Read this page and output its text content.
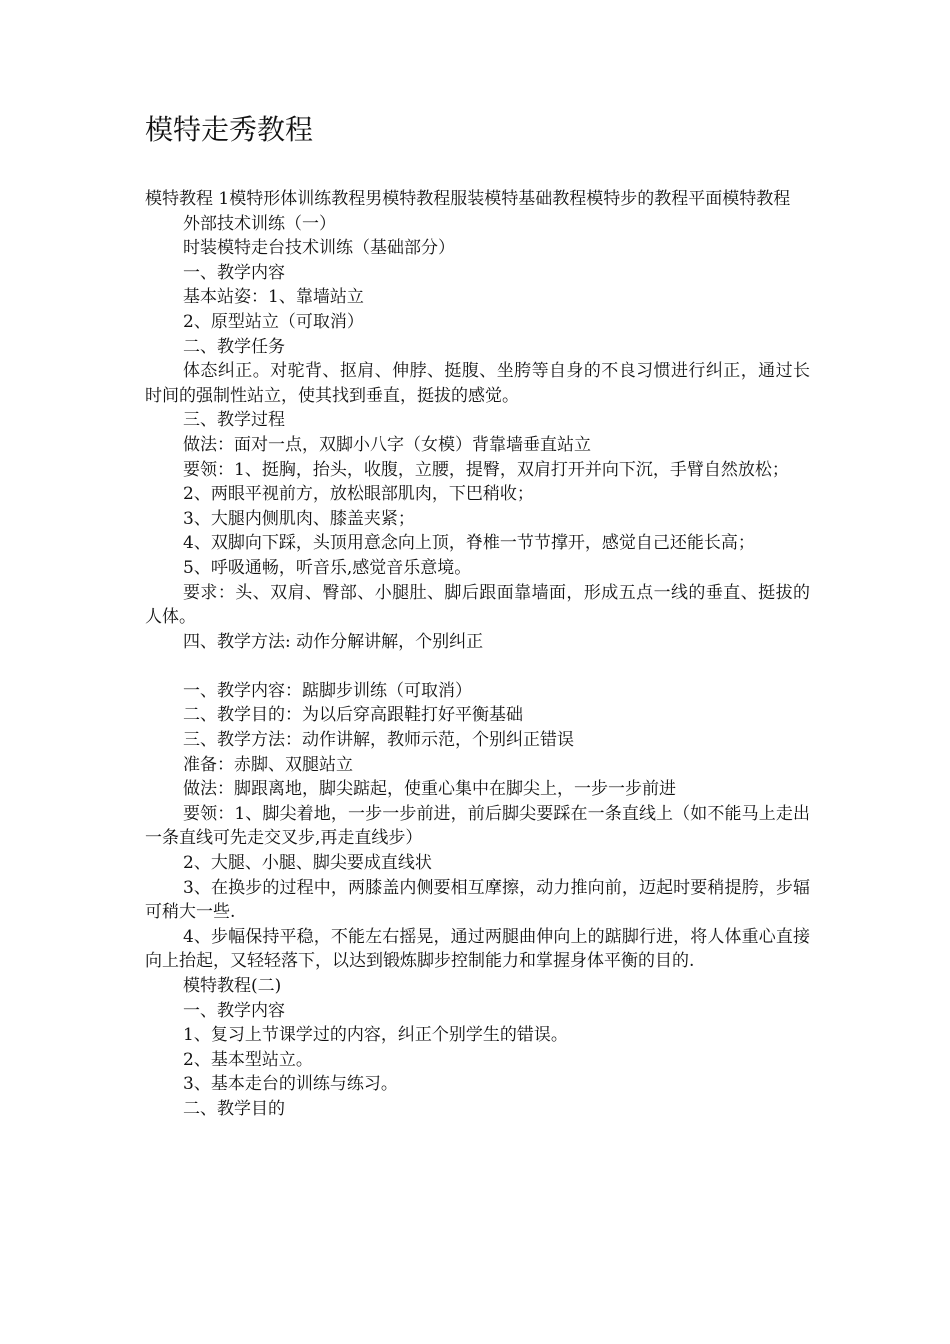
模特走秀教程

模特教程 1模特形体训练教程男模特教程服装模特基础教程模特步的教程平面模特教程

外部技术训练（一）

时装模特走台技术训练（基础部分）

一、教学内容

基本站姿：1、靠墙站立

2、原型站立（可取消）

二、教学任务

体态纠正。对驼背、抠肩、伸脖、挺腹、坐胯等自身的不良习惯进行纠正，通过长时间的强制性站立，使其找到垂直，挺拔的感觉。

三、教学过程

做法：面对一点，双脚小八字（女模）背靠墙垂直站立

要领：1、挺胸，抬头，收腹，立腰，提臀，双肩打开并向下沉，手臂自然放松；

2、两眼平视前方，放松眼部肌肉，下巴稍收；

3、大腿内侧肌肉、膝盖夹紧；

4、双脚向下踩，头顶用意念向上顶，脊椎一节节撑开，感觉自己还能长高；

5、呼吸通畅，听音乐,感觉音乐意境。

要求：头、双肩、臀部、小腿肚、脚后跟面靠墙面，形成五点一线的垂直、挺拔的人体。

四、教学方法: 动作分解讲解，个别纠正

一、教学内容：踮脚步训练（可取消）

二、教学目的：为以后穿高跟鞋打好平衡基础

三、教学方法：动作讲解，教师示范，个别纠正错误

准备：赤脚、双腿站立

做法：脚跟离地，脚尖踮起，使重心集中在脚尖上，一步一步前进

要领：1、脚尖着地，一步一步前进，前后脚尖要踩在一条直线上（如不能马上走出一条直线可先走交叉步,再走直线步）

2、大腿、小腿、脚尖要成直线状

3、在换步的过程中，两膝盖内侧要相互摩擦，动力推向前，迈起时要稍提胯，步辐可稍大一些.

4、步幅保持平稳，不能左右摇晃，通过两腿曲伸向上的踮脚行进，将人体重心直接向上抬起，又轻轻落下，以达到锻炼脚步控制能力和掌握身体平衡的目的.

模特教程(二)

一、教学内容

1、复习上节课学过的内容，纠正个别学生的错误。

2、基本型站立。

3、基本走台的训练与练习。

二、教学目的
